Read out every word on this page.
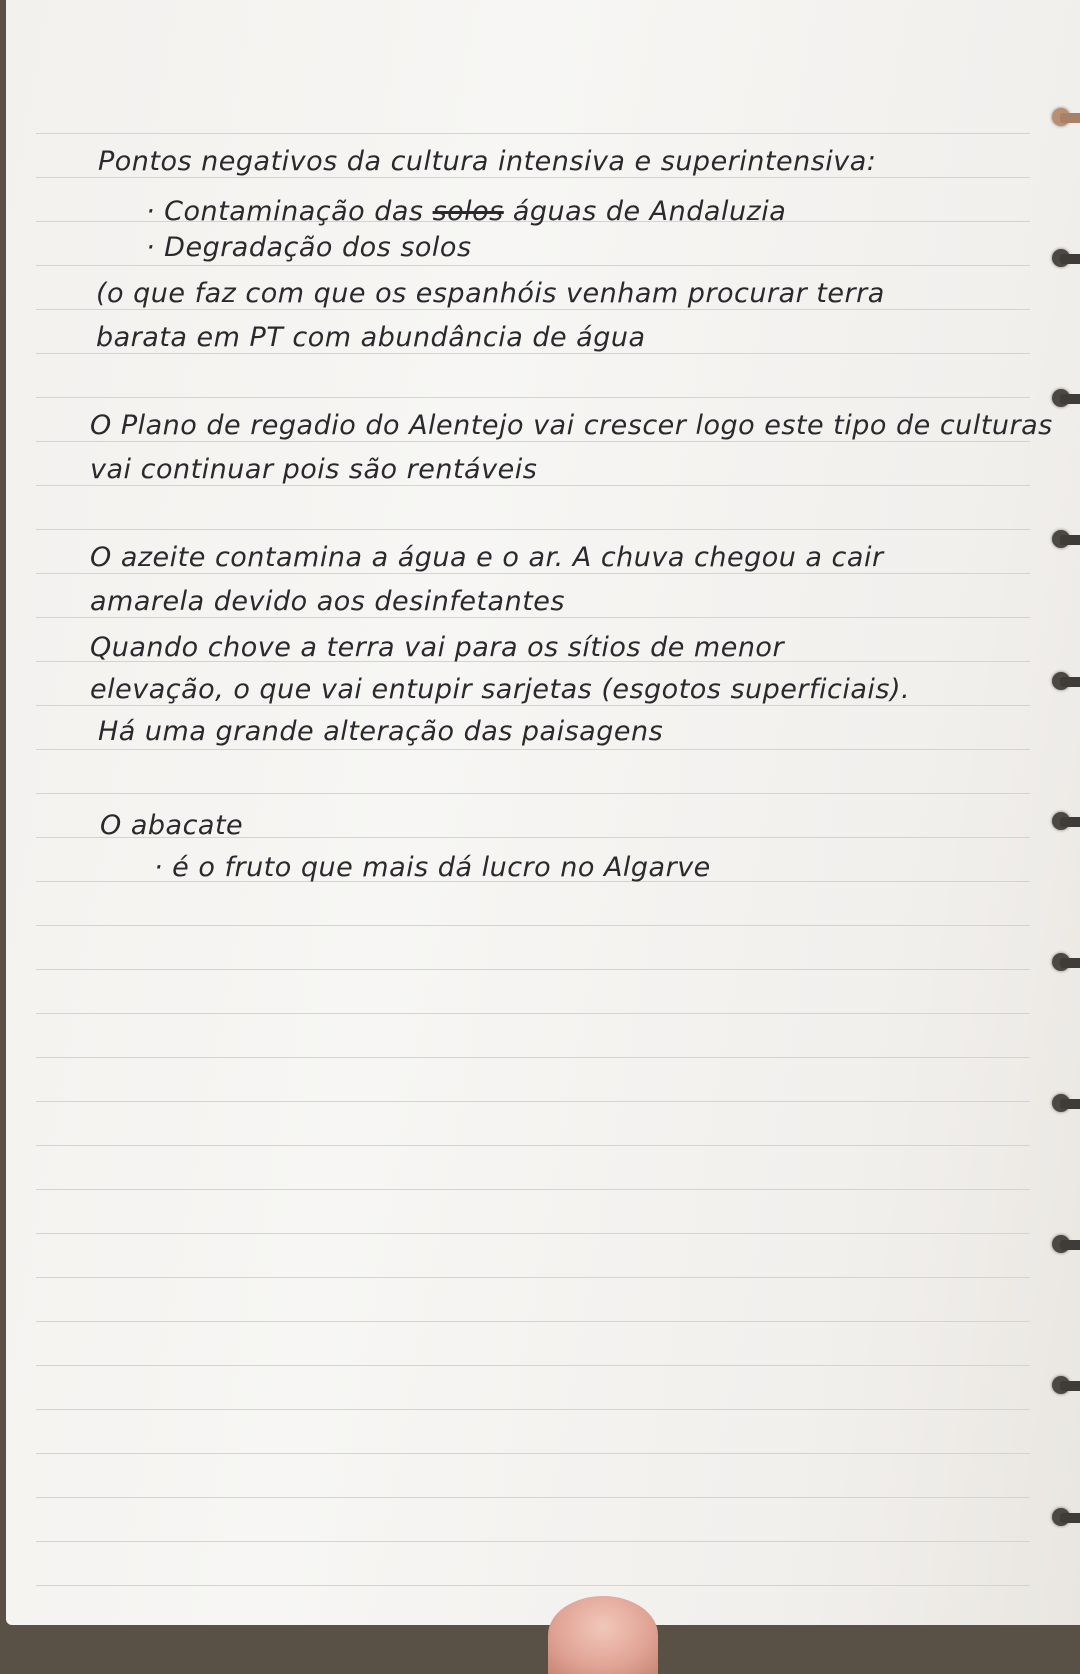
Pontos negativos da cultura intensiva e superintensiva:

· Contaminação das solos águas de Andaluzia

· Degradação dos solos

(o que faz com que os espanhóis venham procurar terra

barata em PT com abundância de água

O Plano de regadio do Alentejo vai crescer logo este tipo de culturas

vai continuar pois são rentáveis

O azeite contamina a água e o ar. A chuva chegou a cair

amarela devido aos desinfetantes

Quando chove a terra vai para os sítios de menor

elevação, o que vai entupir sarjetas (esgotos superficiais).

Há uma grande alteração das paisagens

O abacate

· é o fruto que mais dá lucro no Algarve
